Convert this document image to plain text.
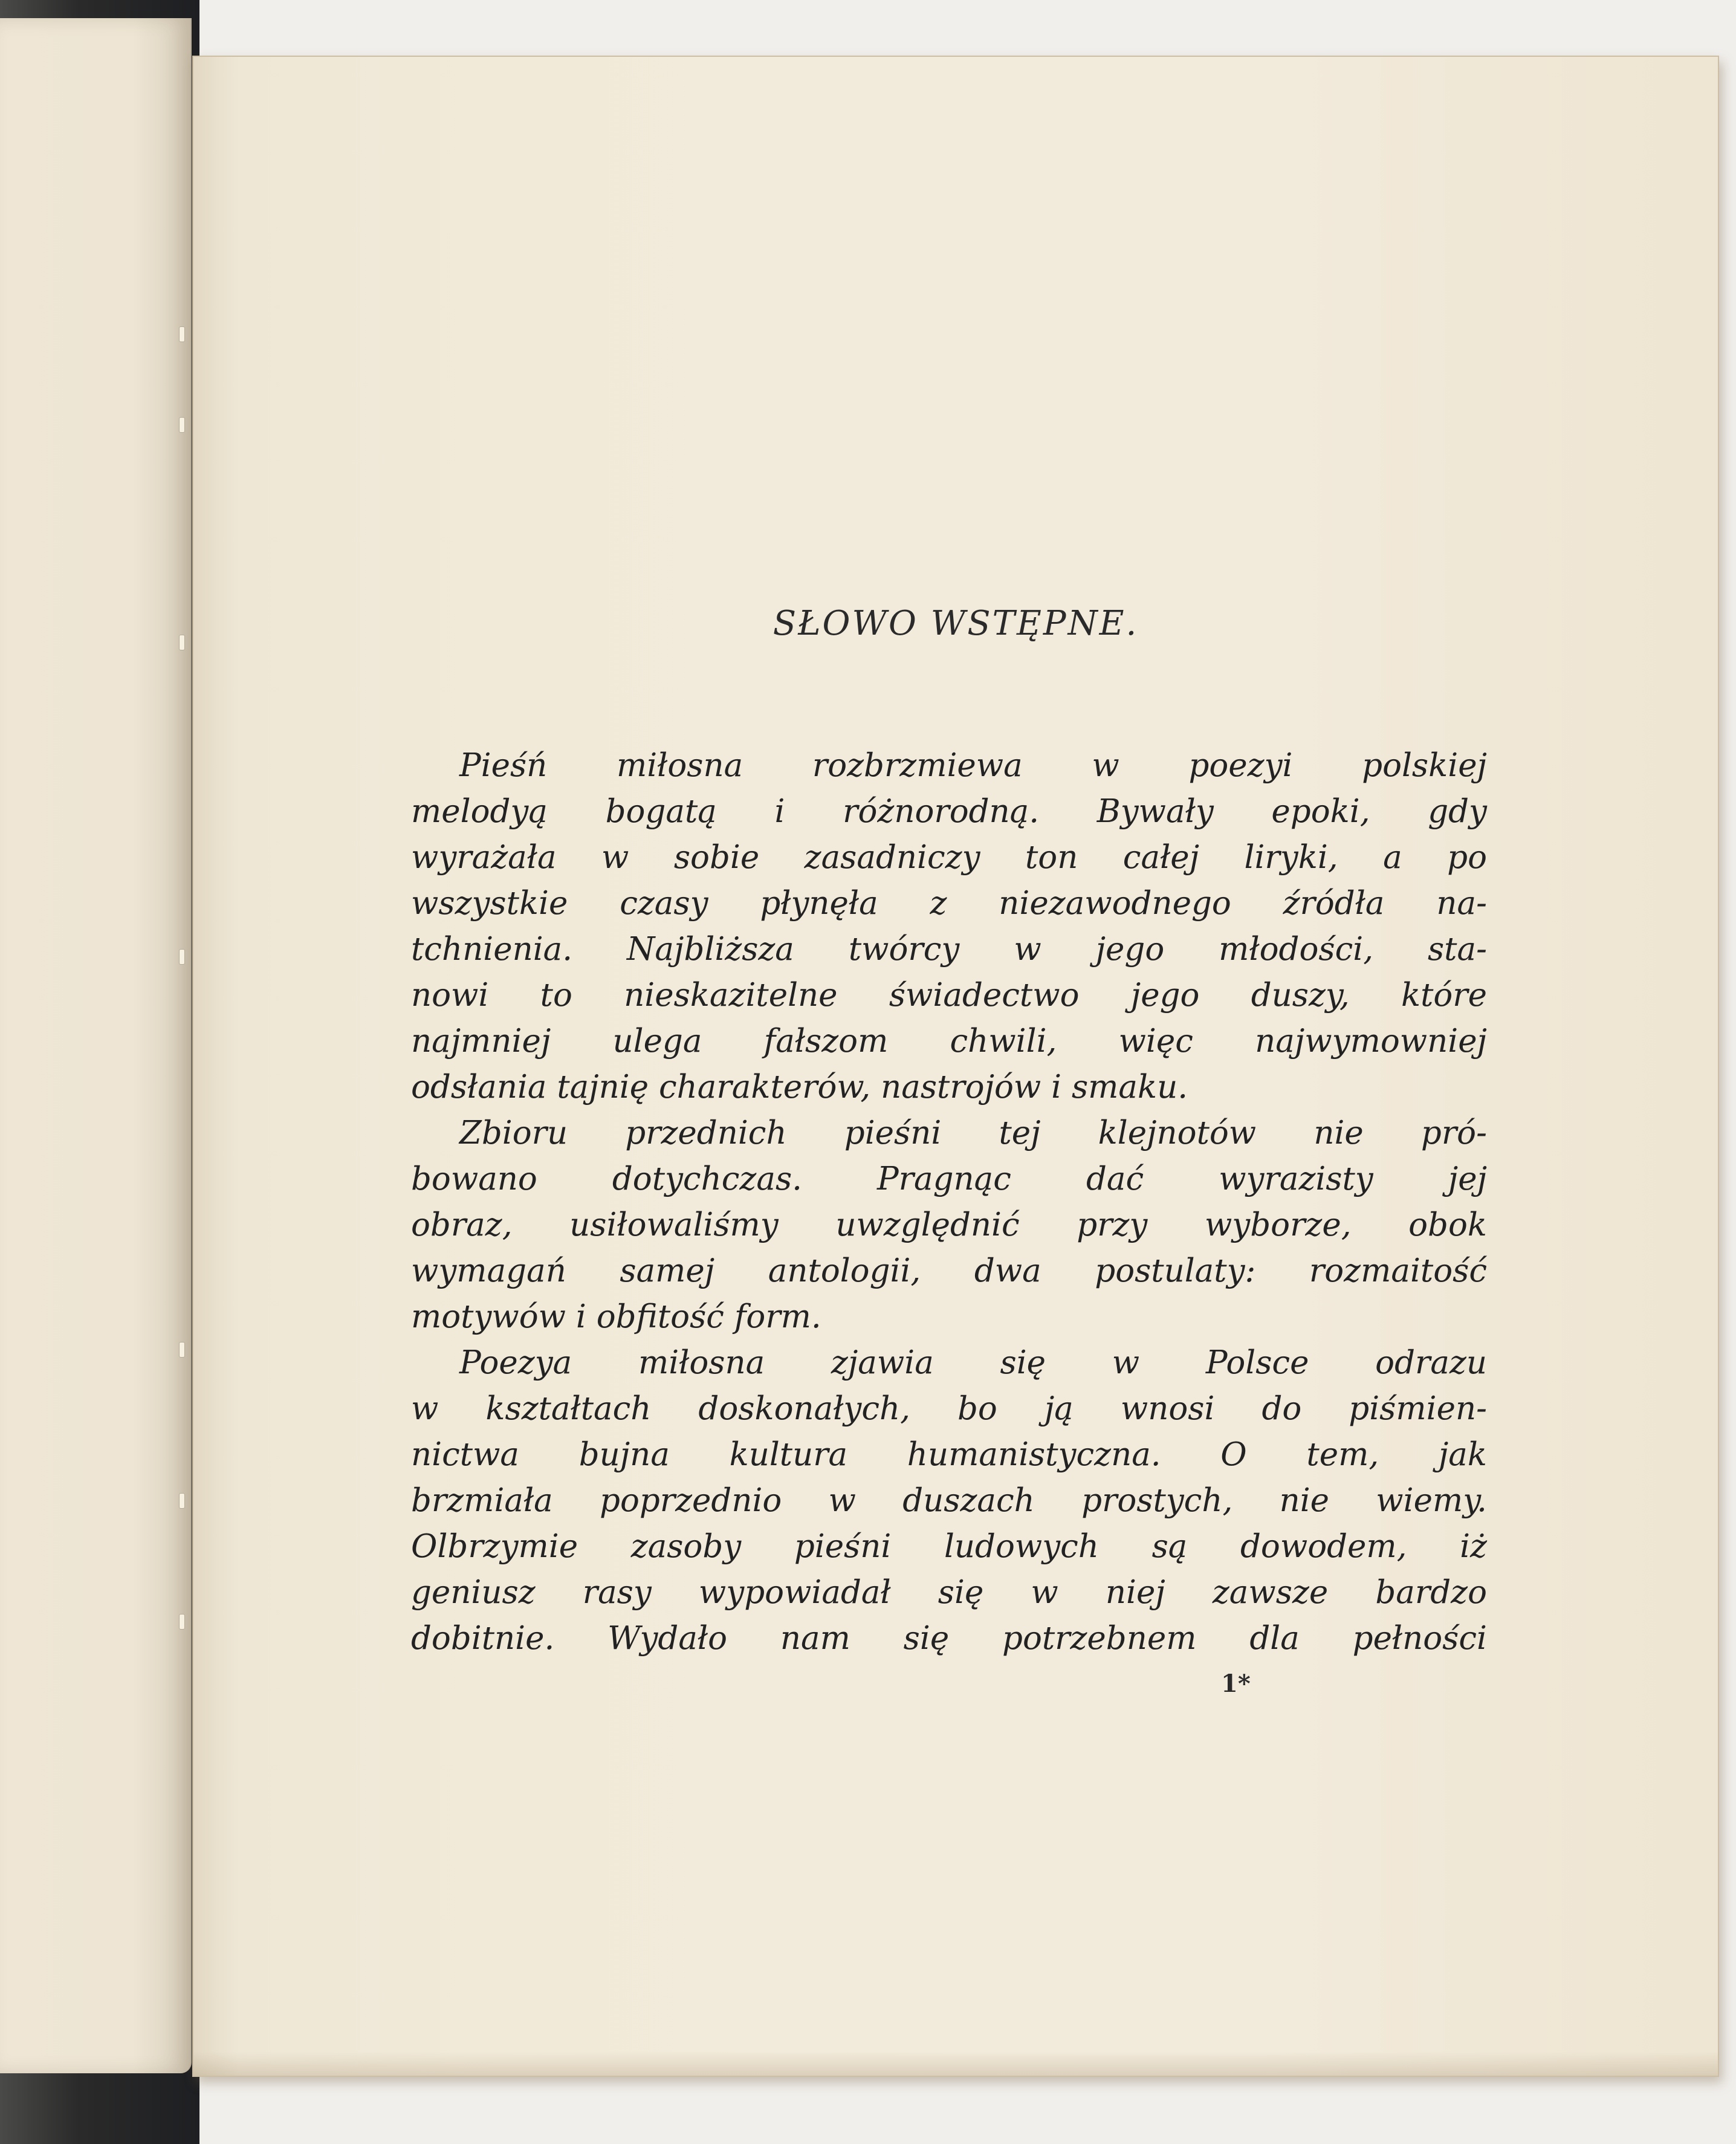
SŁOWO WSTĘPNE.
Pieśń miłosna rozbrzmiewa w poezyi polskiej
melodyą bogatą i różnorodną. Bywały epoki, gdy
wyrażała w sobie zasadniczy ton całej liryki, a po
wszystkie czasy płynęła z niezawodnego źródła na-
tchnienia. Najbliższa twórcy w jego młodości, sta-
nowi to nieskazitelne świadectwo jego duszy, które
najmniej ulega fałszom chwili, więc najwymowniej
odsłania tajnię charakterów, nastrojów i smaku.
Zbioru przednich pieśni tej klejnotów nie pró-
bowano dotychczas. Pragnąc dać wyrazisty jej
obraz, usiłowaliśmy uwzględnić przy wyborze, obok
wymagań samej antologii, dwa postulaty: rozmaitość
motywów i obfitość form.
Poezya miłosna zjawia się w Polsce odrazu
w kształtach doskonałych, bo ją wnosi do piśmien-
nictwa bujna kultura humanistyczna. O tem, jak
brzmiała poprzednio w duszach prostych, nie wiemy.
Olbrzymie zasoby pieśni ludowych są dowodem, iż
geniusz rasy wypowiadał się w niej zawsze bardzo
dobitnie. Wydało nam się potrzebnem dla pełności
1*
